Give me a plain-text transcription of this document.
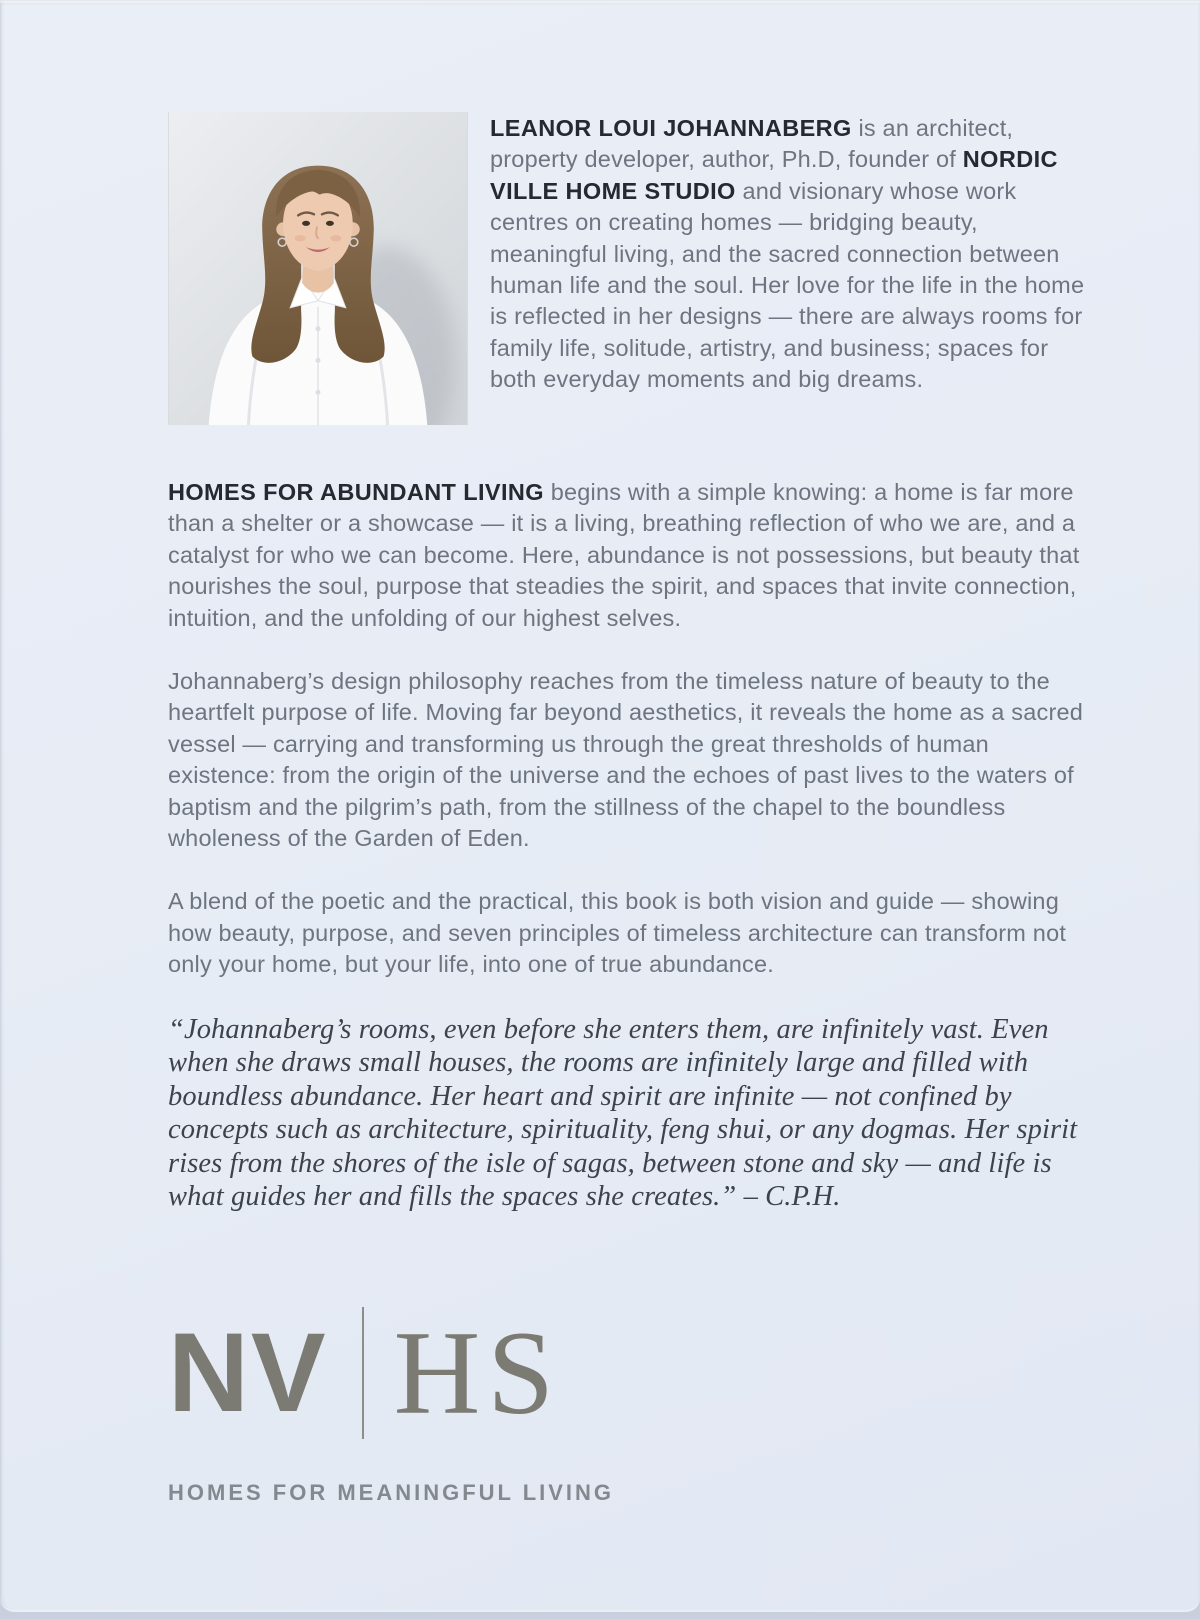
LEANOR LOUI JOHANNABERG is an architect, property developer, author, Ph.D, founder of NORDIC VILLE HOME STUDIO and visionary whose work centres on creating homes — bridging beauty, meaningful living, and the sacred connection between human life and the soul. Her love for the life in the home is reflected in her designs — there are always rooms for family life, solitude, artistry, and business; spaces for both everyday moments and big dreams.

HOMES FOR ABUNDANT LIVING begins with a simple knowing: a home is far more than a shelter or a showcase — it is a living, breathing reflection of who we are, and a catalyst for who we can become. Here, abundance is not possessions, but beauty that nourishes the soul, purpose that steadies the spirit, and spaces that invite connection, intuition, and the unfolding of our highest selves.

Johannaberg’s design philosophy reaches from the timeless nature of beauty to the heartfelt purpose of life. Moving far beyond aesthetics, it reveals the home as a sacred vessel — carrying and transforming us through the great thresholds of human existence: from the origin of the universe and the echoes of past lives to the waters of baptism and the pilgrim’s path, from the stillness of the chapel to the boundless wholeness of the Garden of Eden.

A blend of the poetic and the practical, this book is both vision and guide — showing how beauty, purpose, and seven principles of timeless architecture can transform not only your home, but your life, into one of true abundance.

“Johannaberg’s rooms, even before she enters them, are infinitely vast. Even when she draws small houses, the rooms are infinitely large and filled with boundless abundance. Her heart and spirit are infinite — not confined by concepts such as architecture, spirituality, feng shui, or any dogmas. Her spirit rises from the shores of the isle of sagas, between stone and sky — and life is what guides her and fills the spaces she creates.” – C.P.H.

NV HS
HOMES FOR MEANINGFUL LIVING
